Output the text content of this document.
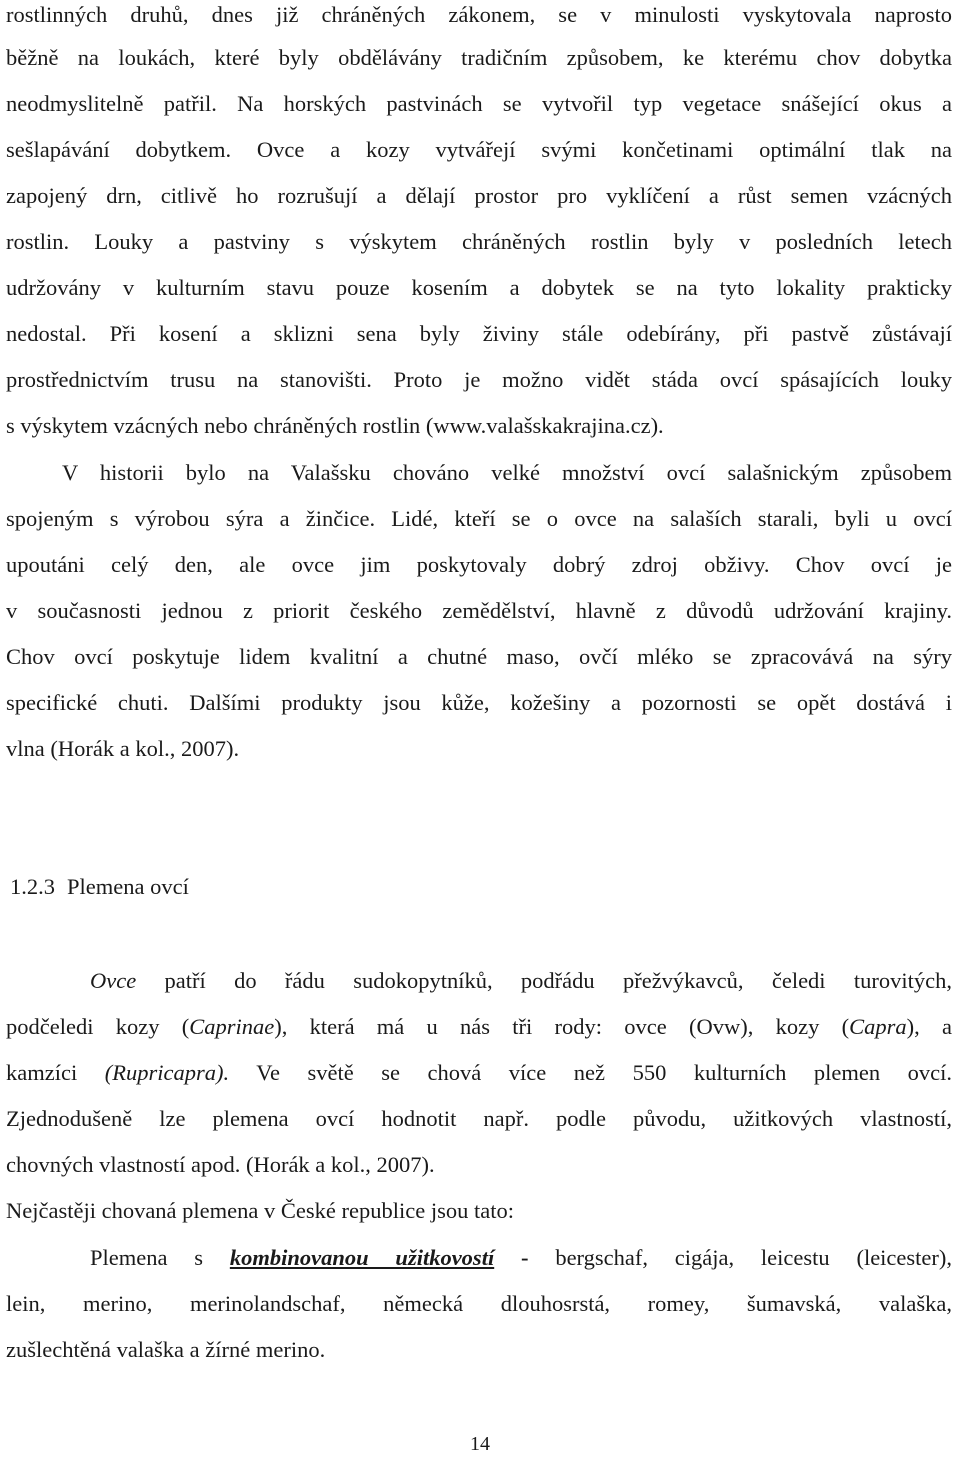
rostlinných druhů, dnes již chráněných zákonem, se v minulosti vyskytovala naprosto
běžně na loukách, které byly obdělávány tradičním způsobem, ke kterému chov dobytka
neodmyslitelně patřil. Na horských pastvinách se vytvořil typ vegetace snášející okus a
sešlapávání dobytkem. Ovce a kozy vytvářejí svými končetinami optimální tlak na
zapojený drn, citlivě ho rozrušují a dělají prostor pro vyklíčení a růst semen vzácných
rostlin. Louky a pastviny s výskytem chráněných rostlin byly v posledních letech
udržovány v kulturním stavu pouze kosením a dobytek se na tyto lokality prakticky
nedostal. Při kosení a sklizni sena byly živiny stále odebírány, při pastvě zůstávají
prostřednictvím trusu na stanovišti. Proto je možno vidět stáda ovcí spásajících louky
s výskytem vzácných nebo chráněných rostlin (www.valašskakrajina.cz).
V historii bylo na Valašsku chováno velké množství ovcí salašnickým způsobem
spojeným s výrobou sýra a žinčice. Lidé, kteří se o ovce na salaších starali, byli u ovcí
upoutáni celý den, ale ovce jim poskytovaly dobrý zdroj obživy. Chov ovcí je
v současnosti jednou z priorit českého zemědělství, hlavně z důvodů udržování krajiny.
Chov ovcí poskytuje lidem kvalitní a chutné maso, ovčí mléko se zpracovává na sýry
specifické chuti. Dalšími produkty jsou kůže, kožešiny a pozornosti se opět dostává i
vlna (Horák a kol., 2007).
1.2.3 Plemena ovcí
Ovce patří do řádu sudokopytníků, podřádu přežvýkavců, čeledi turovitých,
podčeledi kozy (Caprinae), která má u nás tři rody: ovce (Ovw), kozy (Capra), a
kamzíci (Rupricapra). Ve světě se chová více než 550 kulturních plemen ovcí.
Zjednodušeně lze plemena ovcí hodnotit např. podle původu, užitkových vlastností,
chovných vlastností apod. (Horák a kol., 2007).
Nejčastěji chovaná plemena v České republice jsou tato:
Plemena s kombinovanou užitkovostí - bergschaf, cigája, leicestu (leicester),
lein, merino, merinolandschaf, německá dlouhosrstá, romey, šumavská, valaška,
zušlechtěná valaška a žírné merino.
14
